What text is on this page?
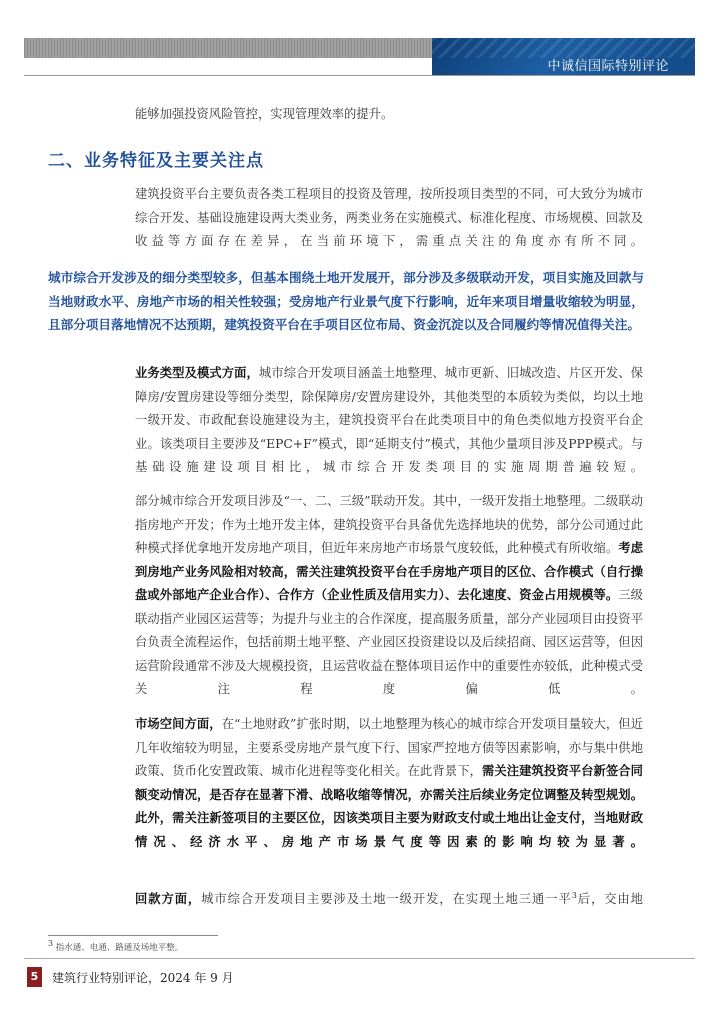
中诚信国际特别评论
能够加强投资风险管控，实现管理效率的提升。
二、业务特征及主要关注点
建筑投资平台主要负责各类工程项目的投资及管理，按所投项目类型的不同，可大致分为城市综合开发、基础设施建设两大类业务，两类业务在实施模式、标准化程度、市场规模、回款及收益等方面存在差异，在当前环境下，需重点关注的角度亦有所不同。
城市综合开发涉及的细分类型较多，但基本围绕土地开发展开，部分涉及多级联动开发，项目实施及回款与当地财政水平、房地产市场的相关性较强；受房地产行业景气度下行影响，近年来项目增量收缩较为明显，且部分项目落地情况不达预期，建筑投资平台在手项目区位布局、资金沉淀以及合同履约等情况值得关注。
业务类型及模式方面，城市综合开发项目涵盖土地整理、城市更新、旧城改造、片区开发、保障房/安置房建设等细分类型，除保障房/安置房建设外，其他类型的本质较为类似，均以土地一级开发、市政配套设施建设为主，建筑投资平台在此类项目中的角色类似地方投资平台企业。该类项目主要涉及“EPC+F”模式，即“延期支付”模式，其他少量项目涉及PPP模式。与基础设施建设项目相比，城市综合开发类项目的实施周期普遍较短。
部分城市综合开发项目涉及“一、二、三级”联动开发。其中，一级开发指土地整理。二级联动指房地产开发；作为土地开发主体，建筑投资平台具备优先选择地块的优势，部分公司通过此种模式择优拿地开发房地产项目，但近年来房地产市场景气度较低，此种模式有所收缩。考虑到房地产业务风险相对较高，需关注建筑投资平台在手房地产项目的区位、合作模式（自行操盘或外部地产企业合作）、合作方（企业性质及信用实力）、去化速度、资金占用规模等。三级联动指产业园区运营等；为提升与业主的合作深度，提高服务质量，部分产业园项目由投资平台负责全流程运作，包括前期土地平整、产业园区投资建设以及后续招商、园区运营等，但因运营阶段通常不涉及大规模投资，且运营收益在整体项目运作中的重要性亦较低，此种模式受关注程度偏低。
市场空间方面，在“土地财政”扩张时期，以土地整理为核心的城市综合开发项目量较大，但近几年收缩较为明显，主要系受房地产景气度下行、国家严控地方债等因素影响，亦与集中供地政策、货币化安置政策、城市化进程等变化相关。在此背景下，需关注建筑投资平台新签合同额变动情况，是否存在显著下滑、战略收缩等情况，亦需关注后续业务定位调整及转型规划。此外，需关注新签项目的主要区位，因该类项目主要为财政支付或土地出让金支付，当地财政情况、经济水平、房地产市场景气度等因素的影响均较为显著。
回款方面，城市综合开发项目主要涉及土地一级开发，在实现土地三通一平$^3$后，交由地
$^3$ 指水通、电通、路通及场地平整。
5	建筑行业特别评论，2024 年 9 月
